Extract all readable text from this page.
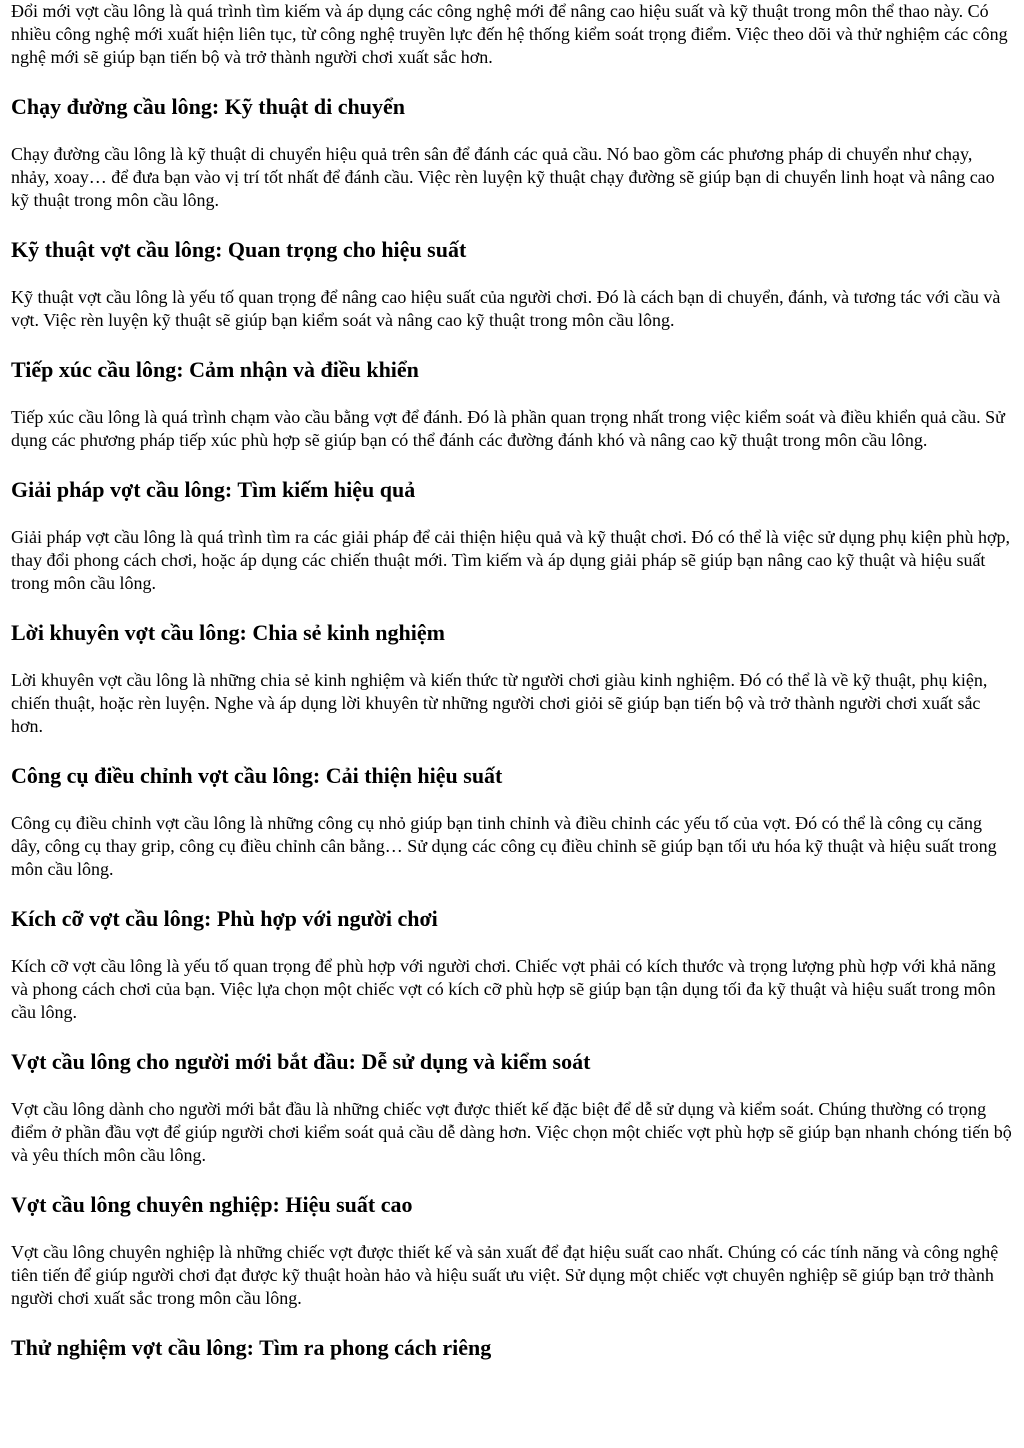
Đổi mới vợt cầu lông là quá trình tìm kiếm và áp dụng các công nghệ mới để nâng cao hiệu suất và kỹ thuật trong môn thể thao này. Có nhiều công nghệ mới xuất hiện liên tục, từ công nghệ truyền lực đến hệ thống kiểm soát trọng điểm. Việc theo dõi và thử nghiệm các công nghệ mới sẽ giúp bạn tiến bộ và trở thành người chơi xuất sắc hơn.

Chạy đường cầu lông: Kỹ thuật di chuyển

Chạy đường cầu lông là kỹ thuật di chuyển hiệu quả trên sân để đánh các quả cầu. Nó bao gồm các phương pháp di chuyển như chạy, nhảy, xoay… để đưa bạn vào vị trí tốt nhất để đánh cầu. Việc rèn luyện kỹ thuật chạy đường sẽ giúp bạn di chuyển linh hoạt và nâng cao kỹ thuật trong môn cầu lông.

Kỹ thuật vợt cầu lông: Quan trọng cho hiệu suất

Kỹ thuật vợt cầu lông là yếu tố quan trọng để nâng cao hiệu suất của người chơi. Đó là cách bạn di chuyển, đánh, và tương tác với cầu và vợt. Việc rèn luyện kỹ thuật sẽ giúp bạn kiểm soát và nâng cao kỹ thuật trong môn cầu lông.

Tiếp xúc cầu lông: Cảm nhận và điều khiển

Tiếp xúc cầu lông là quá trình chạm vào cầu bằng vợt để đánh. Đó là phần quan trọng nhất trong việc kiểm soát và điều khiển quả cầu. Sử dụng các phương pháp tiếp xúc phù hợp sẽ giúp bạn có thể đánh các đường đánh khó và nâng cao kỹ thuật trong môn cầu lông.

Giải pháp vợt cầu lông: Tìm kiếm hiệu quả

Giải pháp vợt cầu lông là quá trình tìm ra các giải pháp để cải thiện hiệu quả và kỹ thuật chơi. Đó có thể là việc sử dụng phụ kiện phù hợp, thay đổi phong cách chơi, hoặc áp dụng các chiến thuật mới. Tìm kiếm và áp dụng giải pháp sẽ giúp bạn nâng cao kỹ thuật và hiệu suất trong môn cầu lông.

Lời khuyên vợt cầu lông: Chia sẻ kinh nghiệm

Lời khuyên vợt cầu lông là những chia sẻ kinh nghiệm và kiến thức từ người chơi giàu kinh nghiệm. Đó có thể là về kỹ thuật, phụ kiện, chiến thuật, hoặc rèn luyện. Nghe và áp dụng lời khuyên từ những người chơi giỏi sẽ giúp bạn tiến bộ và trở thành người chơi xuất sắc hơn.

Công cụ điều chỉnh vợt cầu lông: Cải thiện hiệu suất

Công cụ điều chỉnh vợt cầu lông là những công cụ nhỏ giúp bạn tinh chỉnh và điều chỉnh các yếu tố của vợt. Đó có thể là công cụ căng dây, công cụ thay grip, công cụ điều chỉnh cân bằng… Sử dụng các công cụ điều chỉnh sẽ giúp bạn tối ưu hóa kỹ thuật và hiệu suất trong môn cầu lông.

Kích cỡ vợt cầu lông: Phù hợp với người chơi

Kích cỡ vợt cầu lông là yếu tố quan trọng để phù hợp với người chơi. Chiếc vợt phải có kích thước và trọng lượng phù hợp với khả năng và phong cách chơi của bạn. Việc lựa chọn một chiếc vợt có kích cỡ phù hợp sẽ giúp bạn tận dụng tối đa kỹ thuật và hiệu suất trong môn cầu lông.

Vợt cầu lông cho người mới bắt đầu: Dễ sử dụng và kiểm soát

Vợt cầu lông dành cho người mới bắt đầu là những chiếc vợt được thiết kế đặc biệt để dễ sử dụng và kiểm soát. Chúng thường có trọng điểm ở phần đầu vợt để giúp người chơi kiểm soát quả cầu dễ dàng hơn. Việc chọn một chiếc vợt phù hợp sẽ giúp bạn nhanh chóng tiến bộ và yêu thích môn cầu lông.

Vợt cầu lông chuyên nghiệp: Hiệu suất cao

Vợt cầu lông chuyên nghiệp là những chiếc vợt được thiết kế và sản xuất để đạt hiệu suất cao nhất. Chúng có các tính năng và công nghệ tiên tiến để giúp người chơi đạt được kỹ thuật hoàn hảo và hiệu suất ưu việt. Sử dụng một chiếc vợt chuyên nghiệp sẽ giúp bạn trở thành người chơi xuất sắc trong môn cầu lông.

Thử nghiệm vợt cầu lông: Tìm ra phong cách riêng
